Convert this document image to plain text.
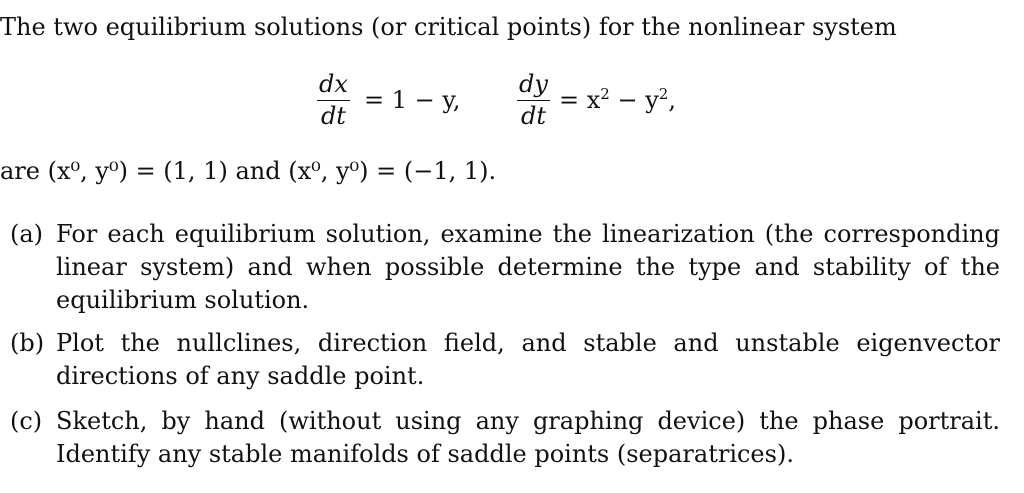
The two equilibrium solutions (or critical points) for the nonlinear system
$\frac{dx}{dt} = 1 - y$, $\frac{dy}{dt} = x^2 - y^2$,
are (x⁰, y⁰) = (1, 1) and (x⁰, y⁰) = (−1, 1).
(a) For each equilibrium solution, examine the linearization (the corresponding linear system) and when possible determine the type and stability of the equilibrium solution.
(b) Plot the nullclines, direction field, and stable and unstable eigenvector directions of any saddle point.
(c) Sketch, by hand (without using any graphing device) the phase portrait. Identify any stable manifolds of saddle points (separatrices).
